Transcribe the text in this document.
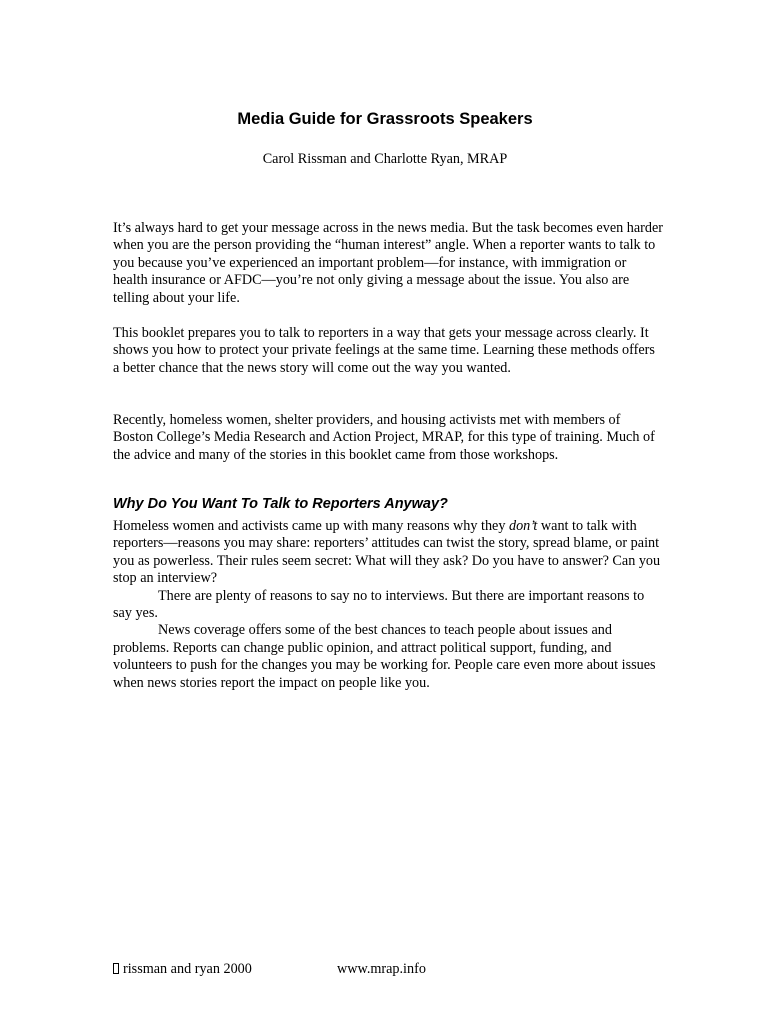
Media Guide for Grassroots Speakers

Carol Rissman and Charlotte Ryan, MRAP

It’s always hard to get your message across in the news media. But the task becomes even harder when you are the person providing the “human interest” angle. When a reporter wants to talk to you because you’ve experienced an important problem—for instance, with immigration or health insurance or AFDC—you’re not only giving a message about the issue. You also are telling about your life.

This booklet prepares you to talk to reporters in a way that gets your message across clearly. It shows you how to protect your private feelings at the same time. Learning these methods offers a better chance that the news story will come out the way you wanted.

Recently, homeless women, shelter providers, and housing activists met with members of Boston College’s Media Research and Action Project, MRAP, for this type of training. Much of the advice and many of the stories in this booklet came from those workshops.

Why Do You Want To Talk to Reporters Anyway?
Homeless women and activists came up with many reasons why they don’t want to talk with reporters—reasons you may share: reporters’ attitudes can twist the story, spread blame, or paint you as powerless. Their rules seem secret: What will they ask? Do you have to answer? Can you stop an interview?
There are plenty of reasons to say no to interviews. But there are important reasons to say yes.
News coverage offers some of the best chances to teach people about issues and problems. Reports can change public opinion, and attract political support, funding, and volunteers to push for the changes you may be working for. People care even more about issues when news stories report the impact on people like you.
rissman and ryan 2000	www.mrap.info
